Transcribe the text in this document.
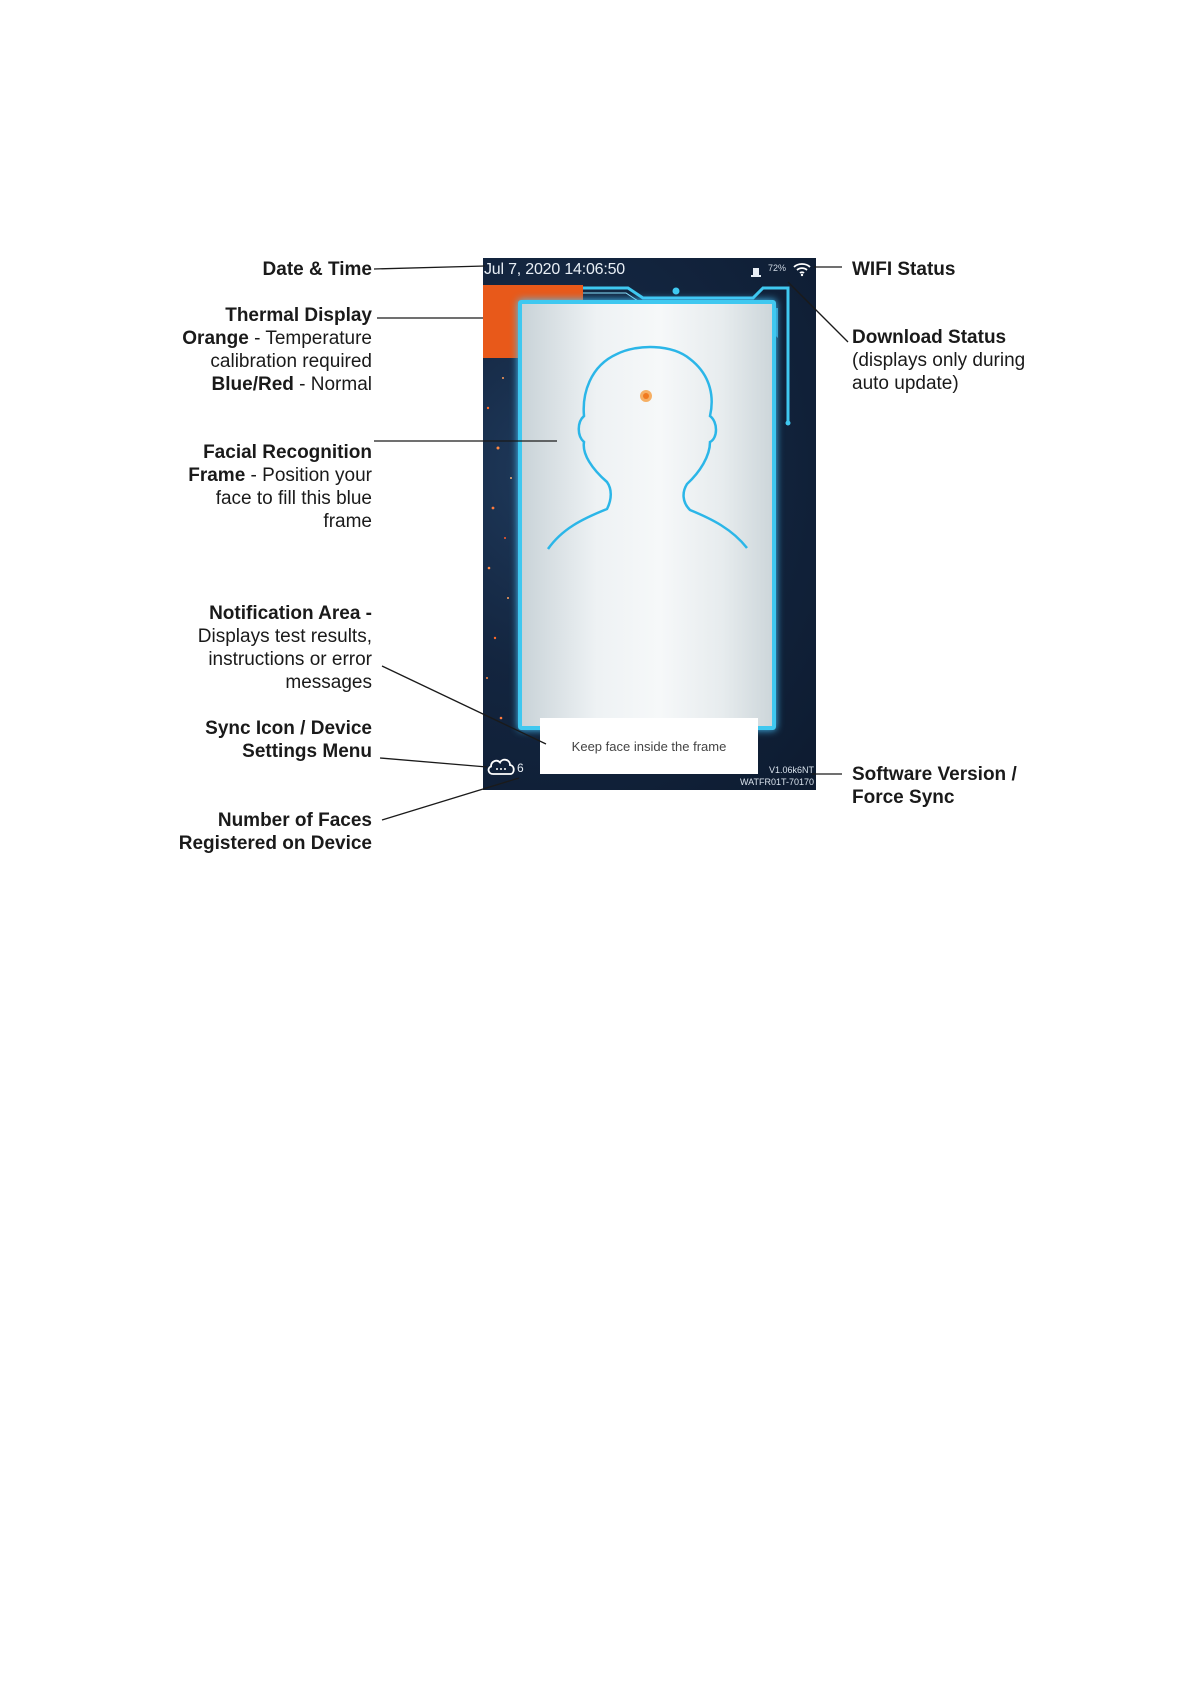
Date & Time
Thermal Display
Orange - Temperature
calibration required
Blue/Red - Normal
Facial Recognition
Frame - Position your
face to fill this blue
frame
Notification Area -
Displays test results,
instructions or error
messages
Sync Icon / Device
Settings Menu
Number of Faces
Registered on Device
WIFI Status
Download Status
(displays only during
auto update)
Software Version /
Force Sync
Jul 7, 2020 14:06:50	72%
Keep face inside the frame
6	V1.06k6NT
WATFR01T-70170
